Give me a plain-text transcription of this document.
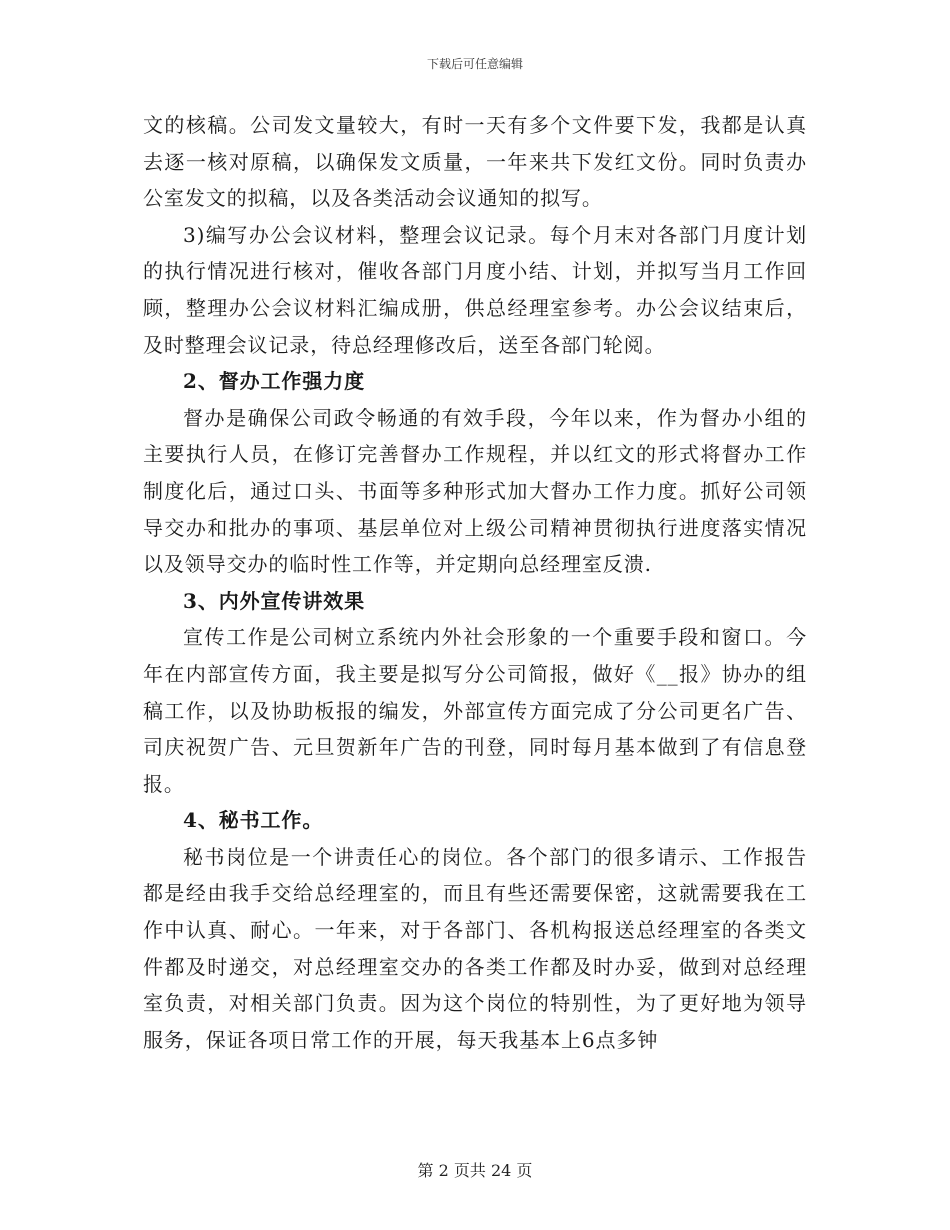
下载后可任意编辑

文的核稿。公司发文量较大，有时一天有多个文件要下发，我都是认真去逐一核对原稿，以确保发文质量，一年来共下发红文份。同时负责办公室发文的拟稿，以及各类活动会议通知的拟写。

3)编写办公会议材料，整理会议记录。每个月末对各部门月度计划的执行情况进行核对，催收各部门月度小结、计划，并拟写当月工作回顾，整理办公会议材料汇编成册，供总经理室参考。办公会议结束后，及时整理会议记录，待总经理修改后，送至各部门轮阅。

2、督办工作强力度

督办是确保公司政令畅通的有效手段，今年以来，作为督办小组的主要执行人员，在修订完善督办工作规程，并以红文的形式将督办工作制度化后，通过口头、书面等多种形式加大督办工作力度。抓好公司领导交办和批办的事项、基层单位对上级公司精神贯彻执行进度落实情况以及领导交办的临时性工作等，并定期向总经理室反溃.

3、内外宣传讲效果

宣传工作是公司树立系统内外社会形象的一个重要手段和窗口。今年在内部宣传方面，我主要是拟写分公司简报，做好《__报》协办的组稿工作，以及协助板报的编发，外部宣传方面完成了分公司更名广告、司庆祝贺广告、元旦贺新年广告的刊登，同时每月基本做到了有信息登报。

4、秘书工作。

秘书岗位是一个讲责任心的岗位。各个部门的很多请示、工作报告都是经由我手交给总经理室的，而且有些还需要保密，这就需要我在工作中认真、耐心。一年来，对于各部门、各机构报送总经理室的各类文件都及时递交，对总经理室交办的各类工作都及时办妥，做到对总经理室负责，对相关部门负责。因为这个岗位的特别性，为了更好地为领导服务，保证各项日常工作的开展，每天我基本上6点多钟

第 2 页共 24 页
